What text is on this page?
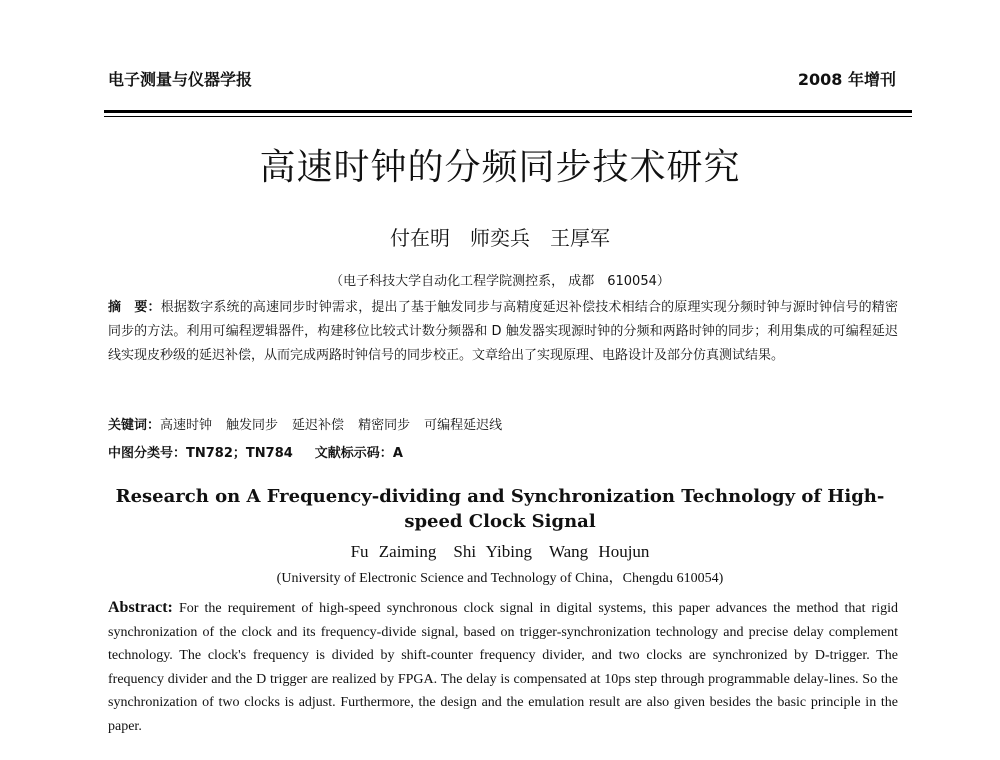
电子测量与仪器学报	2008 年增刊
高速时钟的分频同步技术研究
付在明　师奕兵　王厚军
（电子科技大学自动化工程学院测控系， 成都　610054）

摘　要：根据数字系统的高速同步时钟需求，提出了基于触发同步与高精度延迟补偿技术相结合的原理实现分频时钟与源时钟信号的精密同步的方法。利用可编程逻辑器件，构建移位比较式计数分频器和 D 触发器实现源时钟的分频和两路时钟的同步；利用集成的可编程延迟线实现皮秒级的延迟补偿，从而完成两路时钟信号的同步校正。文章给出了实现原理、电路设计及部分仿真测试结果。

关键词：高速时钟 触发同步 延迟补偿 精密同步 可编程延迟线
中图分类号：TN782；TN784 文献标示码：A
Research on A Frequency-dividing and Synchronization Technology of High-speed Clock Signal
Fu Zaiming　Shi Yibing　Wang Houjun
(University of Electronic Science and Technology of China，Chengdu 610054)

Abstract: For the requirement of high-speed synchronous clock signal in digital systems, this paper advances the method that rigid synchronization of the clock and its frequency-divide signal, based on trigger-synchronization technology and precise delay complement technology. The clock's frequency is divided by shift-counter frequency divider, and two clocks are synchronized by D-trigger. The frequency divider and the D trigger are realized by FPGA. The delay is compensated at 10ps step through programmable delay-lines. So the synchronization of two clocks is adjust. Furthermore, the design and the emulation result are also given besides the basic principle in the paper.
